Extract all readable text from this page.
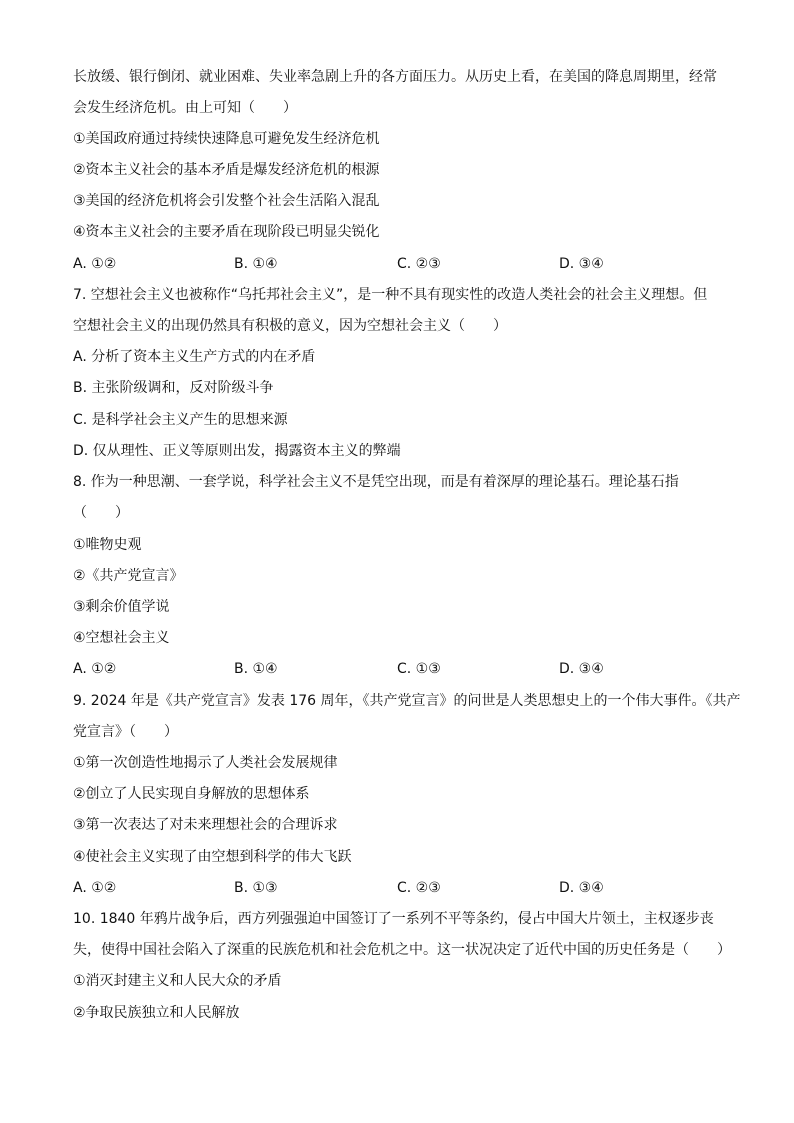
长放缓、银行倒闭、就业困难、失业率急剧上升的各方面压力。从历史上看，在美国的降息周期里，经常
会发生经济危机。由上可知（　　）
①美国政府通过持续快速降息可避免发生经济危机
②资本主义社会的基本矛盾是爆发经济危机的根源
③美国的经济危机将会引发整个社会生活陷入混乱
④资本主义社会的主要矛盾在现阶段已明显尖锐化
A. ①②	B. ①④	C. ②③	D. ③④
7. 空想社会主义也被称作“乌托邦社会主义”，是一种不具有现实性的改造人类社会的社会主义理想。但
空想社会主义的出现仍然具有积极的意义，因为空想社会主义（　　）
A. 分析了资本主义生产方式的内在矛盾
B. 主张阶级调和，反对阶级斗争
C. 是科学社会主义产生的思想来源
D. 仅从理性、正义等原则出发，揭露资本主义的弊端
8. 作为一种思潮、一套学说，科学社会主义不是凭空出现，而是有着深厚的理论基石。理论基石指
（　　）
①唯物史观
②《共产党宣言》
③剩余价值学说
④空想社会主义
A. ①②	B. ①④	C. ①③	D. ③④
9. 2024 年是《共产党宣言》发表 176 周年，《共产党宣言》的问世是人类思想史上的一个伟大事件。《共产
党宣言》（　　）
①第一次创造性地揭示了人类社会发展规律
②创立了人民实现自身解放的思想体系
③第一次表达了对未来理想社会的合理诉求
④使社会主义实现了由空想到科学的伟大飞跃
A. ①②	B. ①③	C. ②③	D. ③④
10. 1840 年鸦片战争后，西方列强强迫中国签订了一系列不平等条约，侵占中国大片领土，主权逐步丧
失，使得中国社会陷入了深重的民族危机和社会危机之中。这一状况决定了近代中国的历史任务是（　　）
①消灭封建主义和人民大众的矛盾
②争取民族独立和人民解放
